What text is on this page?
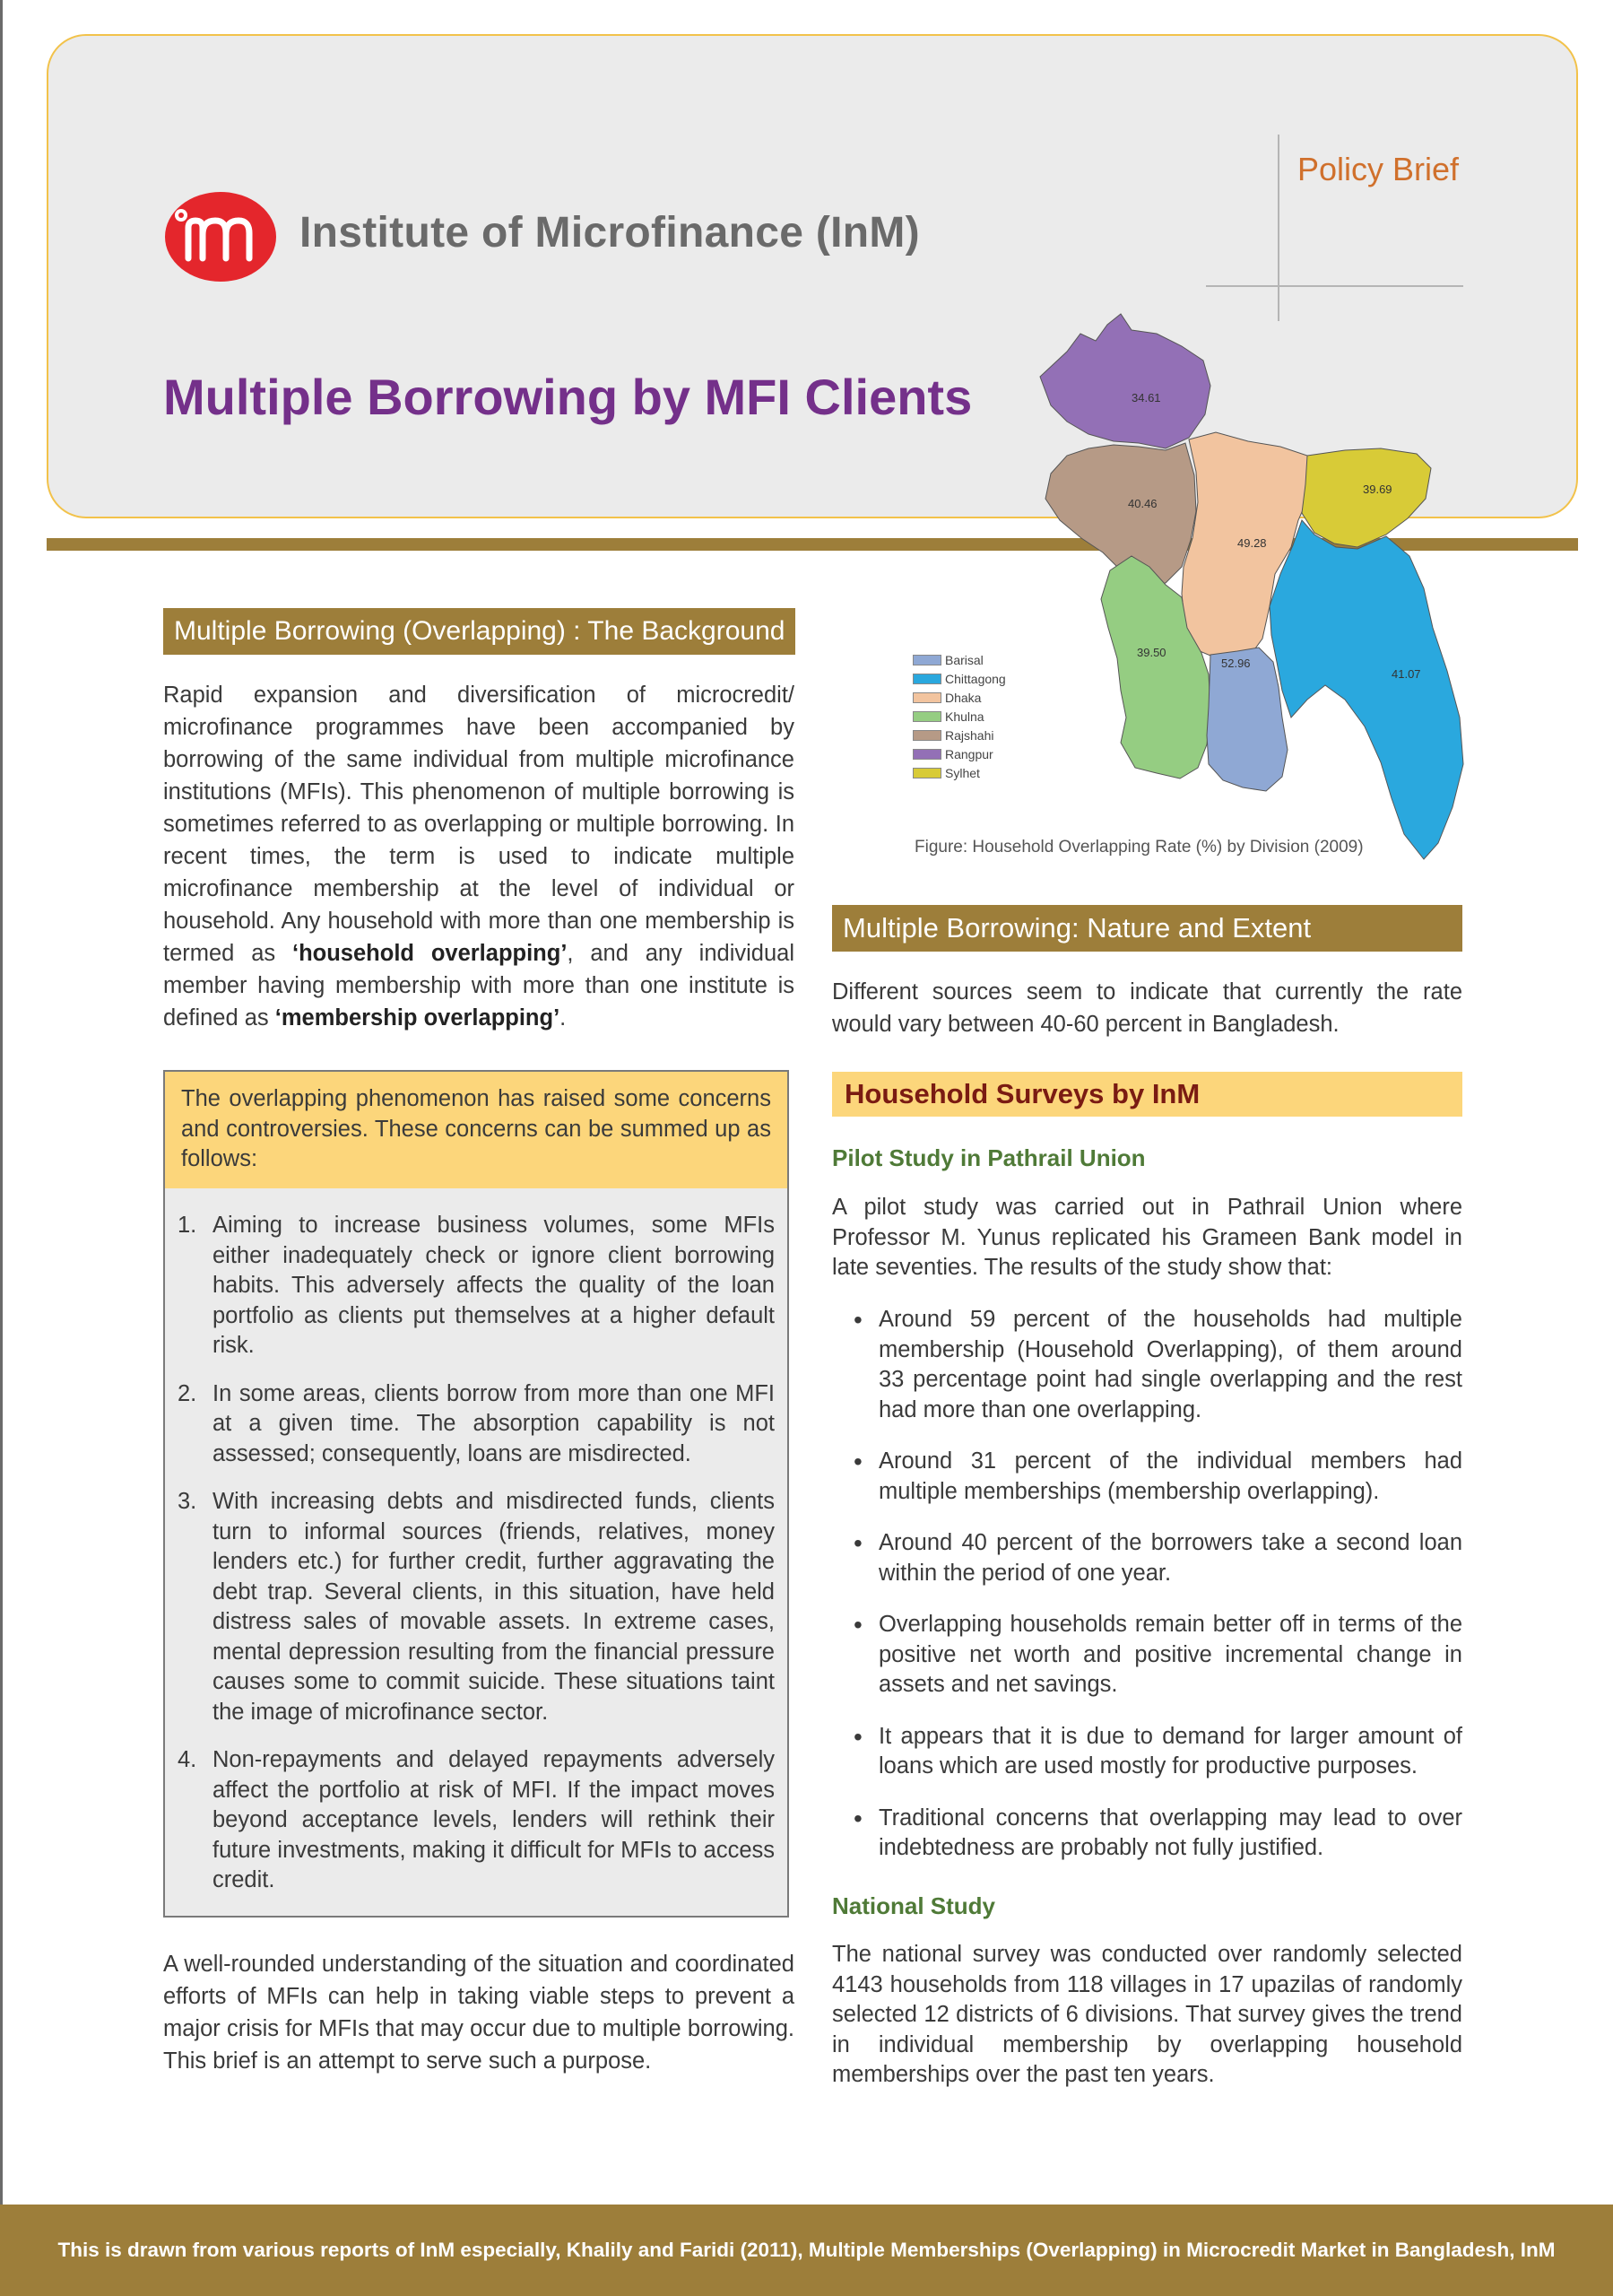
Policy Brief
Institute of Microfinance (InM)
Multiple Borrowing by MFI Clients	34.61
40.46
49.28
39.69
39.50
52.96
41.07
Barisal
Chittagong
Dhaka
Khulna
Rajshahi
Rangpur
Sylhet
Figure: Household Overlapping Rate (%) by Division (2009)
Multiple Borrowing (Overlapping) : The Background
Rapid expansion and diversification of microcredit/ microfinance programmes have been accompanied by borrowing of the same individual from multiple microfinance institutions (MFIs). This phenomenon of multiple borrowing is sometimes referred to as overlapping or multiple borrowing. In recent times, the term is used to indicate multiple microfinance membership at the level of individual or household. Any household with more than one membership is termed as ‘household overlapping’, and any individual member having membership with more than one institute is defined as ‘membership overlapping’.
The overlapping phenomenon has raised some concerns and controversies. These concerns can be summed up as follows:
1. Aiming to increase business volumes, some MFIs either inadequately check or ignore client borrowing habits. This adversely affects the quality of the loan portfolio as clients put themselves at a higher default risk.
2. In some areas, clients borrow from more than one MFI at a given time. The absorption capability is not assessed; consequently, loans are misdirected.
3. With increasing debts and misdirected funds, clients turn to informal sources (friends, relatives, money lenders etc.) for further credit, further aggravating the debt trap. Several clients, in this situation, have held distress sales of movable assets. In extreme cases, mental depression resulting from the financial pressure causes some to commit suicide. These situations taint the image of microfinance sector.
4. Non-repayments and delayed repayments adversely affect the portfolio at risk of MFI. If the impact moves beyond acceptance levels, lenders will rethink their future investments, making it difficult for MFIs to access credit.
A well-rounded understanding of the situation and coordinated efforts of MFIs can help in taking viable steps to prevent a major crisis for MFIs that may occur due to multiple borrowing. This brief is an attempt to serve such a purpose.
Multiple Borrowing: Nature and Extent
Different sources seem to indicate that currently the rate would vary between 40-60 percent in Bangladesh.
Household Surveys by InM
Pilot Study in Pathrail Union
A pilot study was carried out in Pathrail Union where Professor M. Yunus replicated his Grameen Bank model in late seventies. The results of the study show that:
• Around 59 percent of the households had multiple membership (Household Overlapping), of them around 33 percentage point had single overlapping and the rest had more than one overlapping.
• Around 31 percent of the individual members had multiple memberships (membership overlapping).
• Around 40 percent of the borrowers take a second loan within the period of one year.
• Overlapping households remain better off in terms of the positive net worth and positive incremental change in assets and net savings.
• It appears that it is due to demand for larger amount of loans which are used mostly for productive purposes.
• Traditional concerns that overlapping may lead to over indebtedness are probably not fully justified.
National Study
The national survey was conducted over randomly selected 4143 households from 118 villages in 17 upazilas of randomly selected 12 districts of 6 divisions. That survey gives the trend in individual membership by overlapping household memberships over the past ten years.
This is drawn from various reports of InM especially, Khalily and Faridi (2011), Multiple Memberships (Overlapping) in Microcredit Market in Bangladesh, InM
